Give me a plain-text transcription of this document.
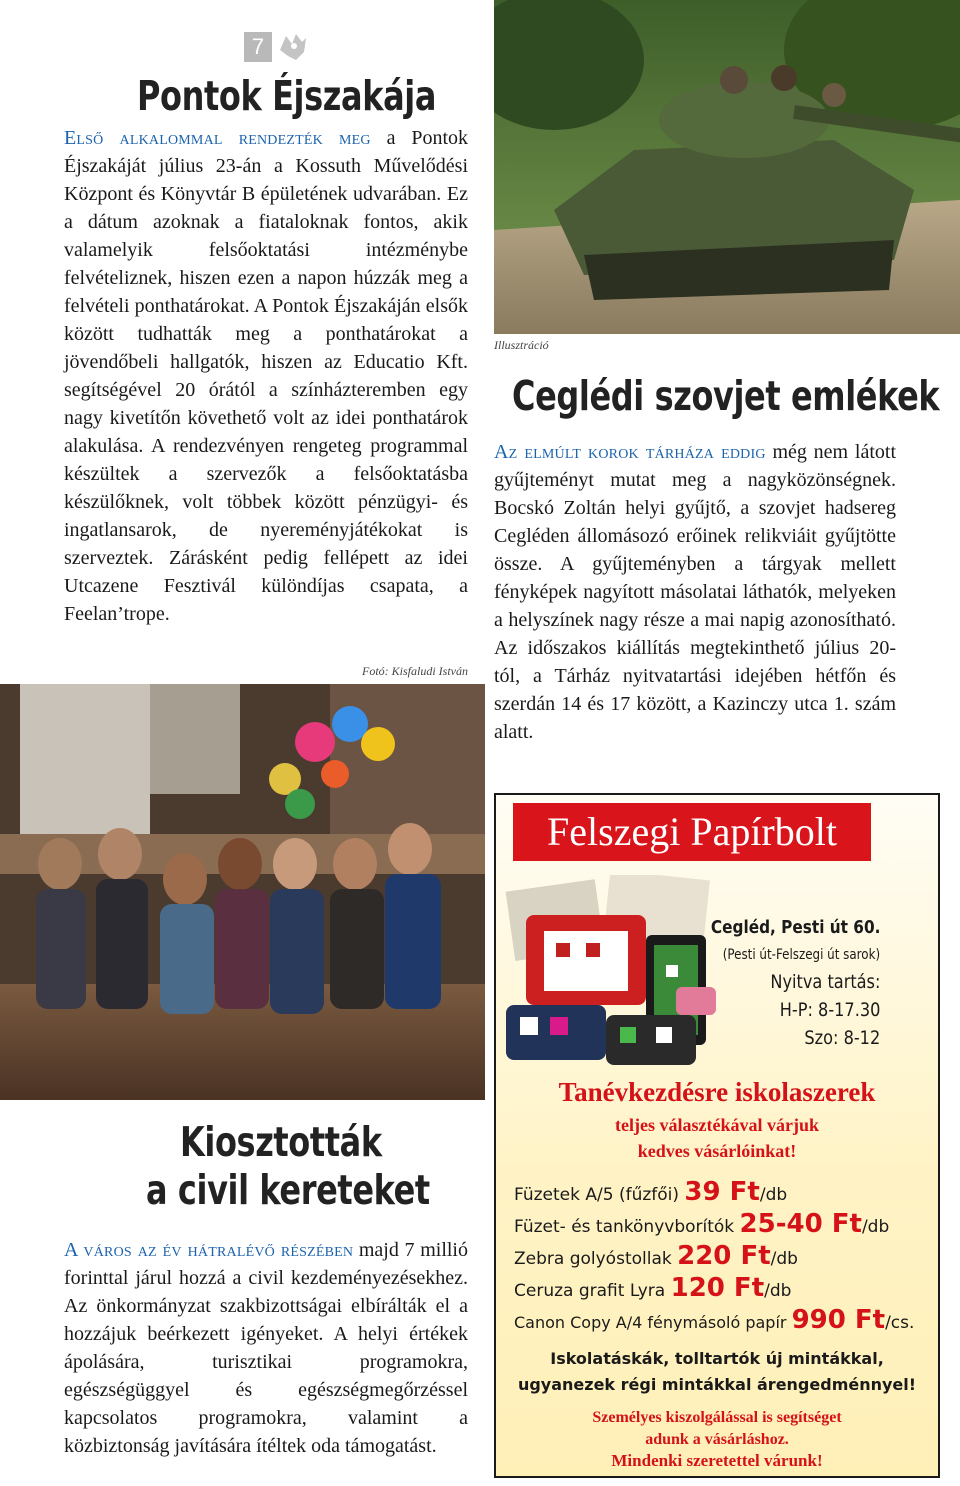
7
Pontok Éjszakája

Első alkalommal rendezték meg a Pontok Éjszakáját július 23-án a Kossuth Művelődési Központ és Könyvtár B épületének udvarában. Ez a dátum azoknak a fiataloknak fontos, akik valamelyik felsőoktatási intézménybe felvételiznek, hiszen ezen a napon húzzák meg a felvételi ponthatárokat. A Pontok Éjszakáján elsők között tudhatták meg a ponthatárokat a jövendőbeli hallgatók, hiszen az Educatio Kft. segítségével 20 órától a színházteremben egy nagy kivetítőn követhető volt az idei ponthatárok alakulása. A rendezvényen rengeteg programmal készültek a szervezők a felsőoktatásba készülőknek, volt többek között pénzügyi- és ingatlansarok, de nyereményjátékokat is szerveztek. Zárásként pedig fellépett az idei Utcazene Fesztivál különdíjas csapata, a Feelan’trope.

Fotó: Kisfaludi István
Kiosztották
a civil kereteket

A város az év hátralévő részében majd 7 millió forinttal járul hozzá a civil kezdeményezésekhez. Az önkormányzat szakbizottságai elbírálták el a hozzájuk beérkezett igényeket. A helyi értékek ápolására, turisztikai programokra, egészségüggyel és egészségmegőrzéssel kapcsolatos programokra, valamint a közbiztonság javítására ítéltek oda támogatást.

Illusztráció
Ceglédi szovjet emlékek

Az elmúlt korok tárháza eddig még nem látott gyűjteményt mutat meg a nagyközönségnek. Bocskó Zoltán helyi gyűjtő, a szovjet hadsereg Cegléden állomásozó erőinek relikviáit gyűjtötte össze. A gyűjteményben a tárgyak mellett fényképek nagyított másolatai láthatók, melyeken a helyszínek nagy része a mai napig azonosítható. Az időszakos kiállítás megtekinthető július 20-tól, a Tárház nyitvatartási idejében hétfőn és szerdán 14 és 17 között, a Kazinczy utca 1. szám alatt.

Felszegi Papírbolt
Cegléd, Pesti út 60.
(Pesti út-Felszegi út sarok)
Nyitva tartás:
H-P: 8-17.30
Szo: 8-12
Tanévkezdésre iskolaszerek
teljes választékával várjuk
kedves vásárlóinkat!
Füzetek A/5 (fűzfői) 39 Ft/db
Füzet- és tankönyvborítók 25-40 Ft/db
Zebra golyóstollak 220 Ft/db
Ceruza grafit Lyra 120 Ft/db
Canon Copy A/4 fénymásoló papír 990 Ft/cs.
Iskolatáskák, tolltartók új mintákkal,
ugyanezek régi mintákkal árengedménnyel!
Személyes kiszolgálással is segítséget
adunk a vásárláshoz.
Mindenki szeretettel várunk!
